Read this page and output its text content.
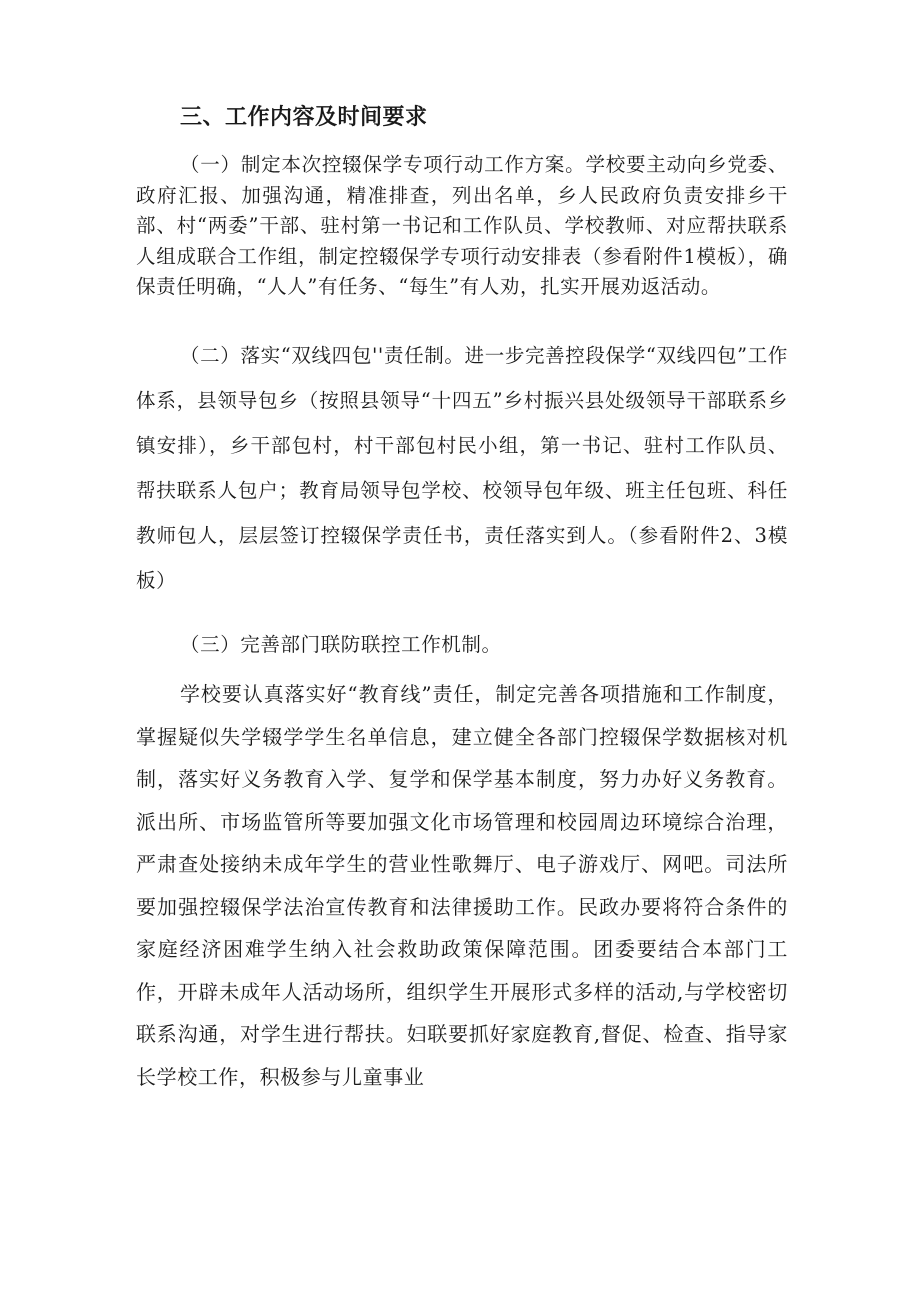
三、工作内容及时间要求

（一）制定本次控辍保学专项行动工作方案。学校要主动向乡党委、政府汇报、加强沟通，精准排查，列出名单，乡人民政府负责安排乡干部、村“两委”干部、驻村第一书记和工作队员、学校教师、对应帮扶联系人组成联合工作组，制定控辍保学专项行动安排表（参看附件1模板），确保责任明确，“人人”有任务、“每生”有人劝，扎实开展劝返活动。

（二）落实“双线四包''责任制。进一步完善控段保学“双线四包”工作体系，县领导包乡（按照县领导“十四五”乡村振兴县处级领导干部联系乡镇安排），乡干部包村，村干部包村民小组，第一书记、驻村工作队员、帮扶联系人包户；教育局领导包学校、校领导包年级、班主任包班、科任教师包人，层层签订控辍保学责任书，责任落实到人。（参看附件2、3模板）

（三）完善部门联防联控工作机制。

学校要认真落实好“教育线”责任，制定完善各项措施和工作制度，掌握疑似失学辍学学生名单信息，建立健全各部门控辍保学数据核对机制，落实好义务教育入学、复学和保学基本制度，努力办好义务教育。派出所、市场监管所等要加强文化市场管理和校园周边环境综合治理，严肃查处接纳未成年学生的营业性歌舞厅、电子游戏厅、网吧。司法所要加强控辍保学法治宣传教育和法律援助工作。民政办要将符合条件的家庭经济困难学生纳入社会救助政策保障范围。团委要结合本部门工作，开辟未成年人活动场所，组织学生开展形式多样的活动,与学校密切联系沟通，对学生进行帮扶。妇联要抓好家庭教育,督促、检查、指导家长学校工作，积极参与儿童事业
